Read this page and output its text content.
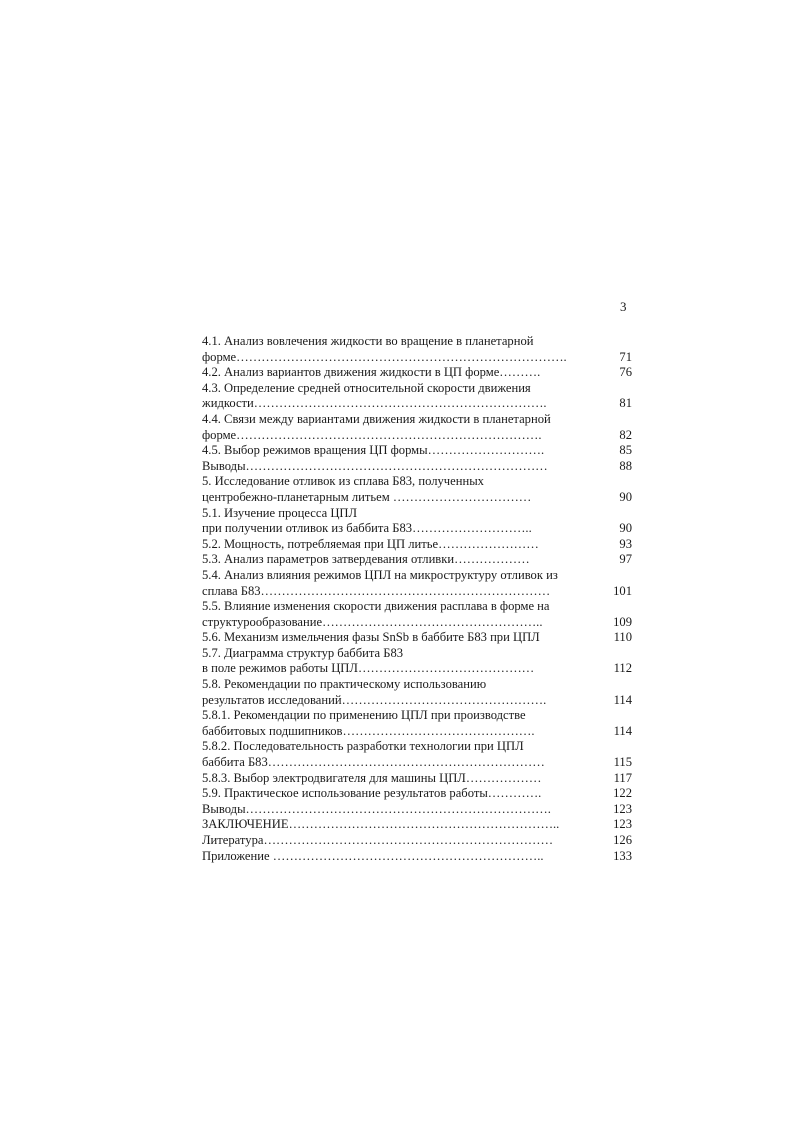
3
4.1. Анализ вовлечения жидкости во вращение в планетарной
форме…………………………………………………………………….	71
4.2. Анализ вариантов движения жидкости в ЦП форме……….	76
4.3. Определение средней относительной скорости движения
жидкости…………………………………………………………….	81
4.4. Связи между вариантами движения жидкости в планетарной
форме……………………………………………………………….	82
4.5. Выбор режимов вращения ЦП формы……………………….	85
Выводы………………………………………………………………	88
5. Исследование отливок из сплава Б83, полученных
центробежно-планетарным литьем ……………………………	90
5.1. Изучение процесса ЦПЛ
при получении отливок из баббита Б83………………………..	90
5.2. Мощность, потребляемая при ЦП литье……………………	93
5.3. Анализ параметров затвердевания отливки………………	97
5.4. Анализ влияния режимов ЦПЛ на микроструктуру отливок из
сплава Б83……………………………………………………………	101
5.5. Влияние изменения скорости движения расплава в форме на
структурообразование……………………………………………..	109
5.6. Механизм измельчения фазы SnSb в баббите Б83 при ЦПЛ	110
5.7. Диаграмма структур баббита Б83
в поле режимов работы ЦПЛ……………………………………	112
5.8. Рекомендации по практическому использованию
результатов исследований………………………………………….	114
5.8.1. Рекомендации по применению ЦПЛ при производстве
баббитовых подшипников……………………………………….	114
5.8.2. Последовательность разработки технологии при ЦПЛ
баббита Б83…………………………………………………………	115
5.8.3. Выбор электродвигателя для машины ЦПЛ………………	117
5.9. Практическое использование результатов работы………….	122
Выводы……………………………………………………………….	123
ЗАКЛЮЧЕНИЕ………………………………………………………..	123
Литература……………………………………………………………	126
Приложение ………………………………………………………..	133
